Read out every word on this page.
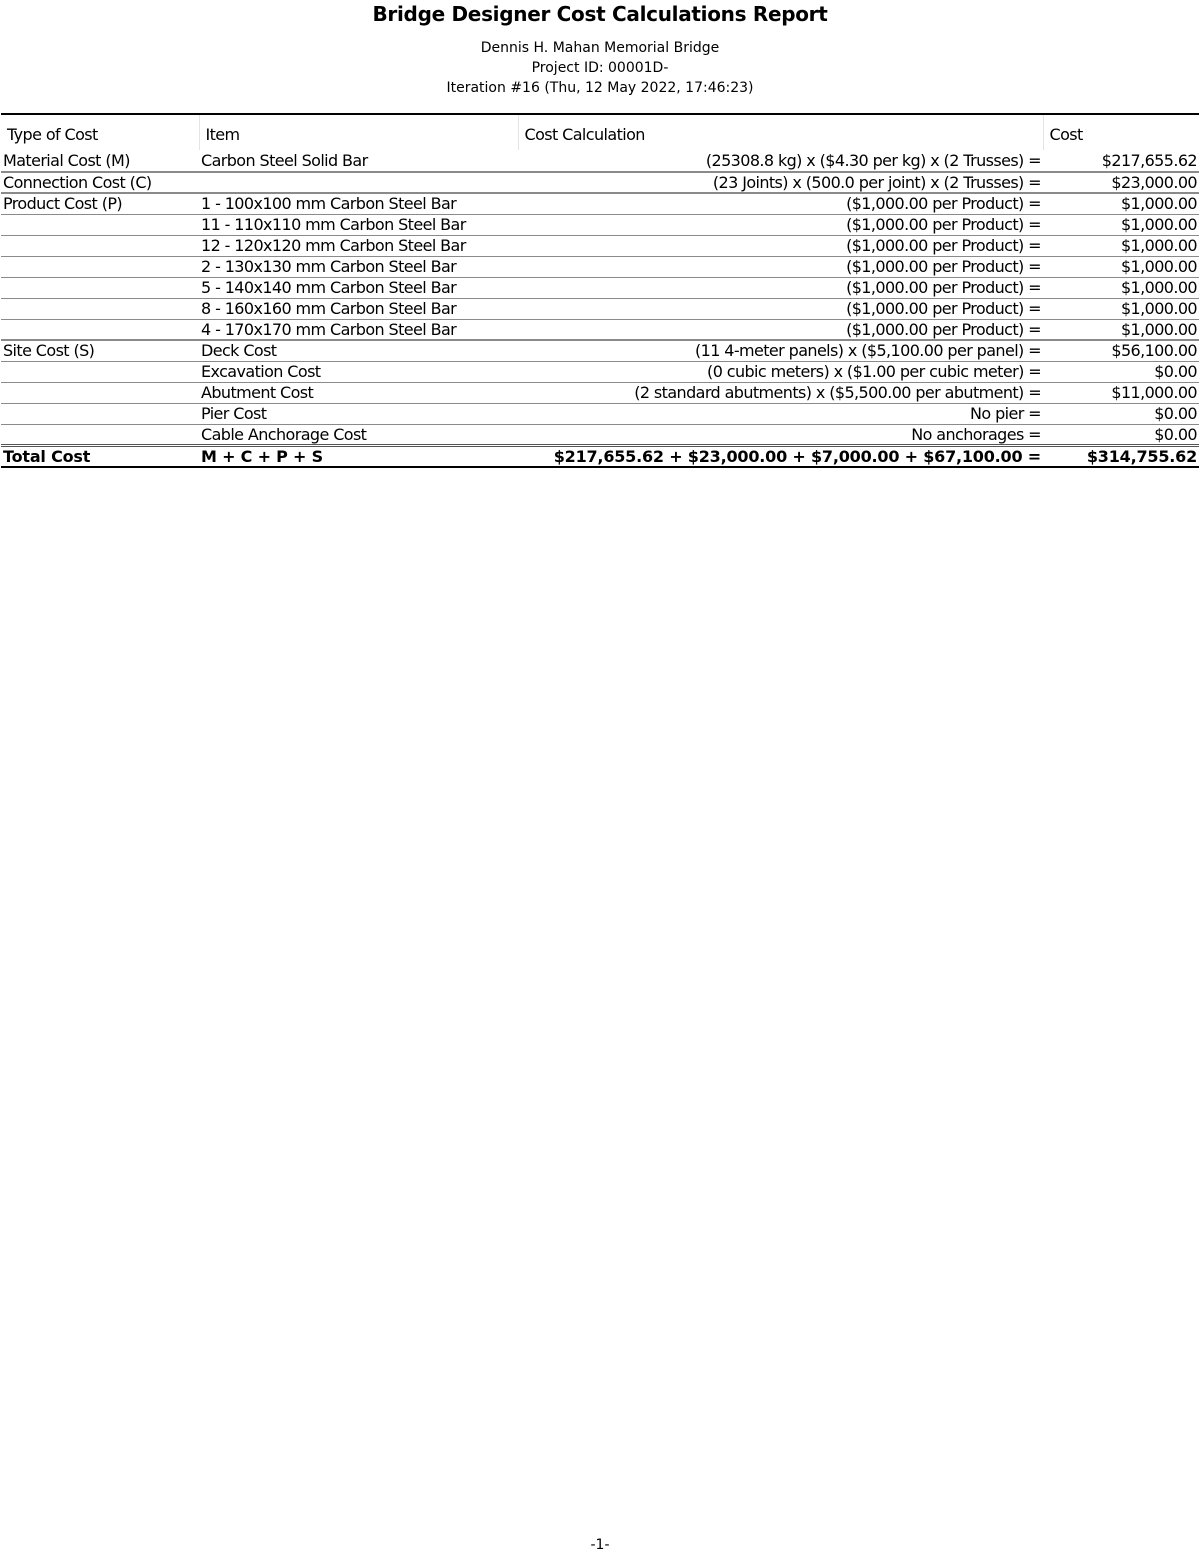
Bridge Designer Cost Calculations Report
Dennis H. Mahan Memorial Bridge
Project ID: 00001D-
Iteration #16 (Thu, 12 May 2022, 17:46:23)
Type of Cost	Item	Cost Calculation	Cost
Material Cost (M)	Carbon Steel Solid Bar	(25308.8 kg) x ($4.30 per kg) x (2 Trusses) =	$217,655.62
Connection Cost (C)		(23 Joints) x (500.0 per joint) x (2 Trusses) =	$23,000.00
Product Cost (P)	1 - 100x100 mm Carbon Steel Bar	($1,000.00 per Product) =	$1,000.00
	11 - 110x110 mm Carbon Steel Bar	($1,000.00 per Product) =	$1,000.00
	12 - 120x120 mm Carbon Steel Bar	($1,000.00 per Product) =	$1,000.00
	2 - 130x130 mm Carbon Steel Bar	($1,000.00 per Product) =	$1,000.00
	5 - 140x140 mm Carbon Steel Bar	($1,000.00 per Product) =	$1,000.00
	8 - 160x160 mm Carbon Steel Bar	($1,000.00 per Product) =	$1,000.00
	4 - 170x170 mm Carbon Steel Bar	($1,000.00 per Product) =	$1,000.00
Site Cost (S)	Deck Cost	(11 4-meter panels) x ($5,100.00 per panel) =	$56,100.00
	Excavation Cost	(0 cubic meters) x ($1.00 per cubic meter) =	$0.00
	Abutment Cost	(2 standard abutments) x ($5,500.00 per abutment) =	$11,000.00
	Pier Cost	No pier =	$0.00
	Cable Anchorage Cost	No anchorages =	$0.00
Total Cost	M + C + P + S	$217,655.62 + $23,000.00 + $7,000.00 + $67,100.00 =	$314,755.62
-1-
